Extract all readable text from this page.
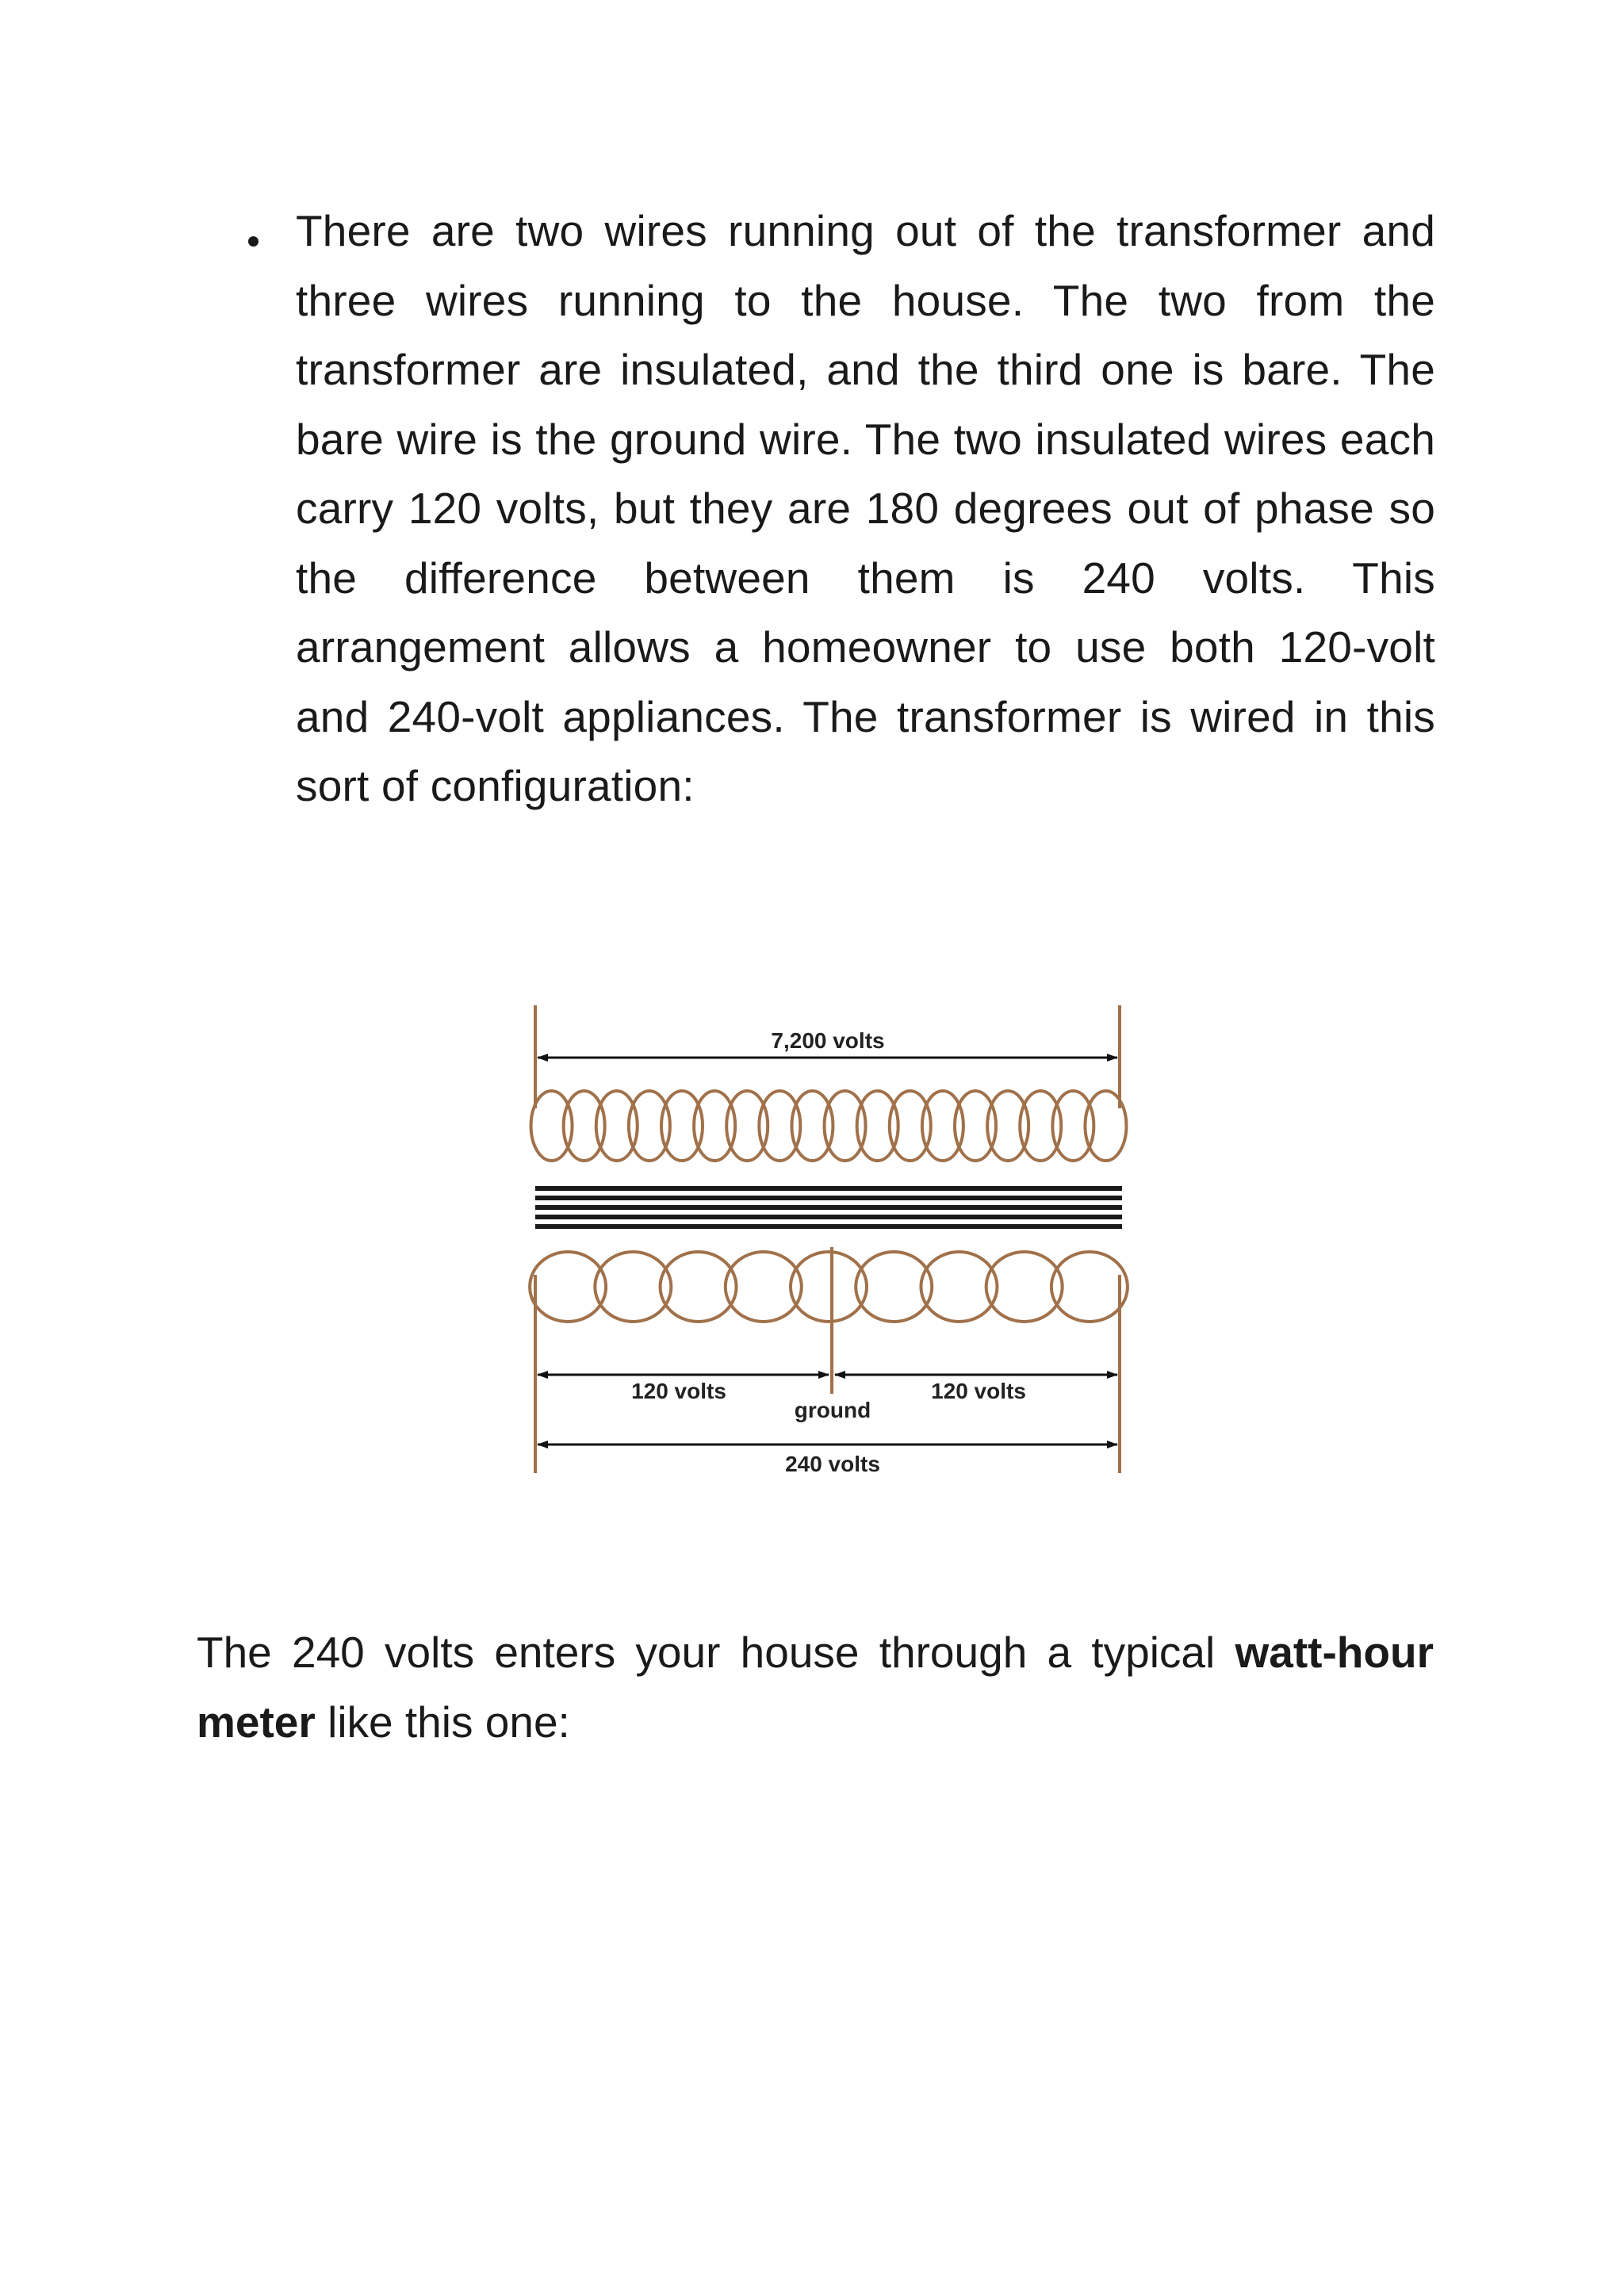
There are two wires running out of the transformer and three wires running to the house. The two from the transformer are insulated, and the third one is bare. The bare wire is the ground wire. The two insulated wires each carry 120 volts, but they are 180 degrees out of phase so the difference between them is 240 volts. This arrangement allows a homeowner to use both 120-volt and 240-volt appliances. The transformer is wired in this sort of configuration:
7,200 volts
120 volts	120 volts
ground
240 volts
The 240 volts enters your house through a typical watt-hour meter like this one:
